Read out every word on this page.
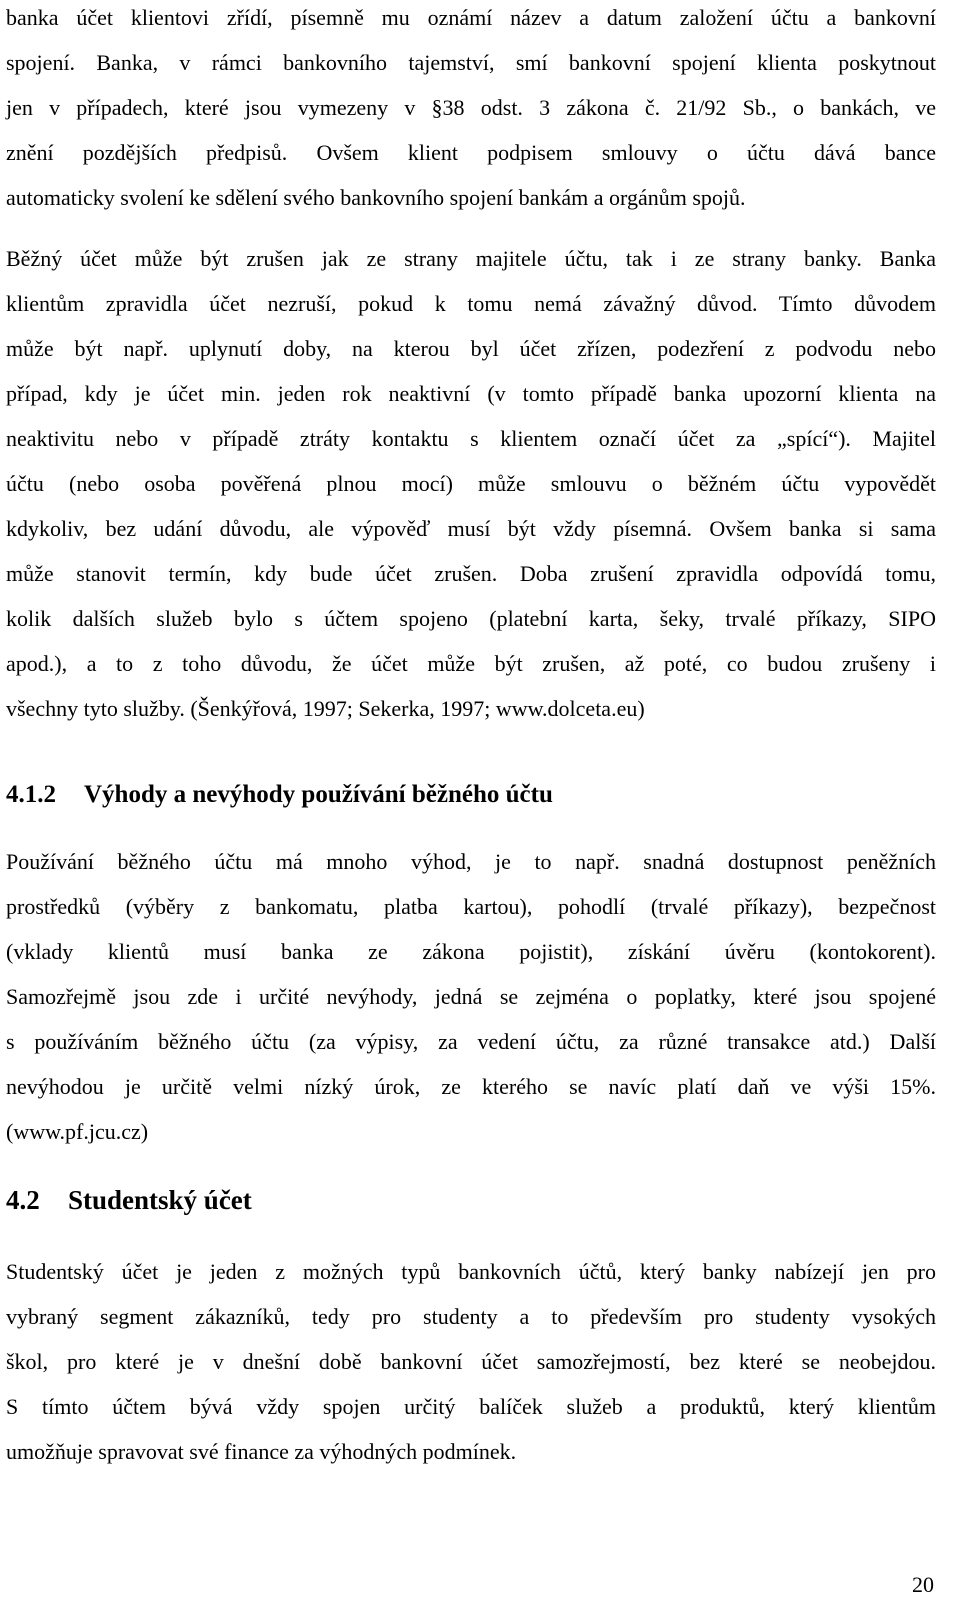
banka účet klientovi zřídí, písemně mu oznámí název a datum založení účtu a bankovní
spojení. Banka, v rámci bankovního tajemství, smí bankovní spojení klienta poskytnout
jen v případech, které jsou vymezeny v §38 odst. 3 zákona č. 21/92 Sb., o bankách, ve
znění pozdějších předpisů. Ovšem klient podpisem smlouvy o účtu dává bance
automaticky svolení ke sdělení svého bankovního spojení bankám a orgánům spojů.
Běžný účet může být zrušen jak ze strany majitele účtu, tak i ze strany banky. Banka
klientům zpravidla účet nezruší, pokud k tomu nemá závažný důvod. Tímto důvodem
může být např. uplynutí doby, na kterou byl účet zřízen, podezření z podvodu nebo
případ, kdy je účet min. jeden rok neaktivní (v tomto případě banka upozorní klienta na
neaktivitu nebo v případě ztráty kontaktu s klientem označí účet za „spící“). Majitel
účtu (nebo osoba pověřená plnou mocí) může smlouvu o běžném účtu vypovědět
kdykoliv, bez udání důvodu, ale výpověď musí být vždy písemná. Ovšem banka si sama
může stanovit termín, kdy bude účet zrušen. Doba zrušení zpravidla odpovídá tomu,
kolik dalších služeb bylo s účtem spojeno (platební karta, šeky, trvalé příkazy, SIPO
apod.), a to z toho důvodu, že účet může být zrušen, až poté, co budou zrušeny i
všechny tyto služby. (Šenkýřová, 1997; Sekerka, 1997; www.dolceta.eu)
4.1.2 Výhody a nevýhody používání běžného účtu
Používání běžného účtu má mnoho výhod, je to např. snadná dostupnost peněžních
prostředků (výběry z bankomatu, platba kartou), pohodlí (trvalé příkazy), bezpečnost
(vklady klientů musí banka ze zákona pojistit), získání úvěru (kontokorent).
Samozřejmě jsou zde i určité nevýhody, jedná se zejména o poplatky, které jsou spojené
s používáním běžného účtu (za výpisy, za vedení účtu, za různé transakce atd.) Další
nevýhodou je určitě velmi nízký úrok, ze kterého se navíc platí daň ve výši 15%.
(www.pf.jcu.cz)
4.2 Studentský účet
Studentský účet je jeden z možných typů bankovních účtů, který banky nabízejí jen pro
vybraný segment zákazníků, tedy pro studenty a to především pro studenty vysokých
škol, pro které je v dnešní době bankovní účet samozřejmostí, bez které se neobejdou.
S tímto účtem bývá vždy spojen určitý balíček služeb a produktů, který klientům
umožňuje spravovat své finance za výhodných podmínek.
20
